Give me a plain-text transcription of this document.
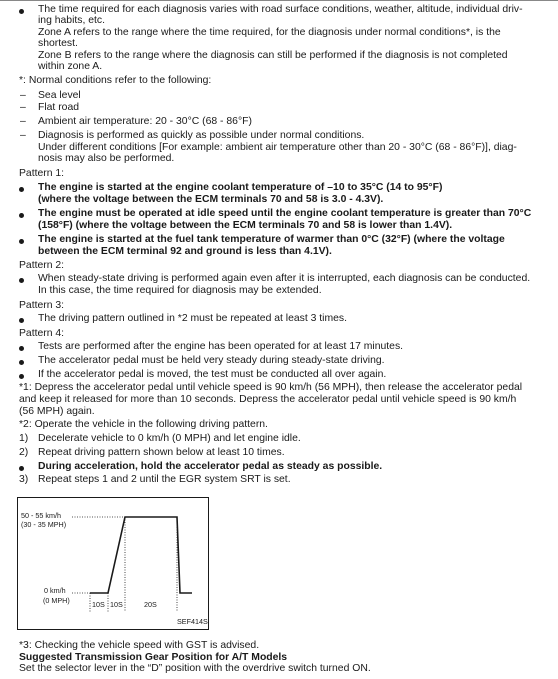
The time required for each diagnosis varies with road surface conditions, weather, altitude, individual driv-
ing habits, etc.
Zone A refers to the range where the time required, for the diagnosis under normal conditions*, is the
shortest.
Zone B refers to the range where the diagnosis can still be performed if the diagnosis is not completed
within zone A.
*: Normal conditions refer to the following:
– Sea level
– Flat road
– Ambient air temperature: 20 - 30°C (68 - 86°F)
– Diagnosis is performed as quickly as possible under normal conditions.
Under different conditions [For example: ambient air temperature other than 20 - 30°C (68 - 86°F)], diag-
nosis may also be performed.
Pattern 1:
The engine is started at the engine coolant temperature of –10 to 35°C (14 to 95°F)
(where the voltage between the ECM terminals 70 and 58 is 3.0 - 4.3V).
The engine must be operated at idle speed until the engine coolant temperature is greater than 70°C
(158°F) (where the voltage between the ECM terminals 70 and 58 is lower than 1.4V).
The engine is started at the fuel tank temperature of warmer than 0°C (32°F) (where the voltage
between the ECM terminal 92 and ground is less than 4.1V).
Pattern 2:
When steady-state driving is performed again even after it is interrupted, each diagnosis can be conducted.
In this case, the time required for diagnosis may be extended.
Pattern 3:
The driving pattern outlined in *2 must be repeated at least 3 times.
Pattern 4:
Tests are performed after the engine has been operated for at least 17 minutes.
The accelerator pedal must be held very steady during steady-state driving.
If the accelerator pedal is moved, the test must be conducted all over again.
*1: Depress the accelerator pedal until vehicle speed is 90 km/h (56 MPH), then release the accelerator pedal
and keep it released for more than 10 seconds. Depress the accelerator pedal until vehicle speed is 90 km/h
(56 MPH) again.
*2: Operate the vehicle in the following driving pattern.
1) Decelerate vehicle to 0 km/h (0 MPH) and let engine idle.
2) Repeat driving pattern shown below at least 10 times.
During acceleration, hold the accelerator pedal as steady as possible.
3) Repeat steps 1 and 2 until the EGR system SRT is set.
50 - 55 km/h
(30 - 35 MPH)
0 km/h
(0 MPH)	10S 10S	20S
SEF414S
*3: Checking the vehicle speed with GST is advised.
Suggested Transmission Gear Position for A/T Models
Set the selector lever in the “D” position with the overdrive switch turned ON.
